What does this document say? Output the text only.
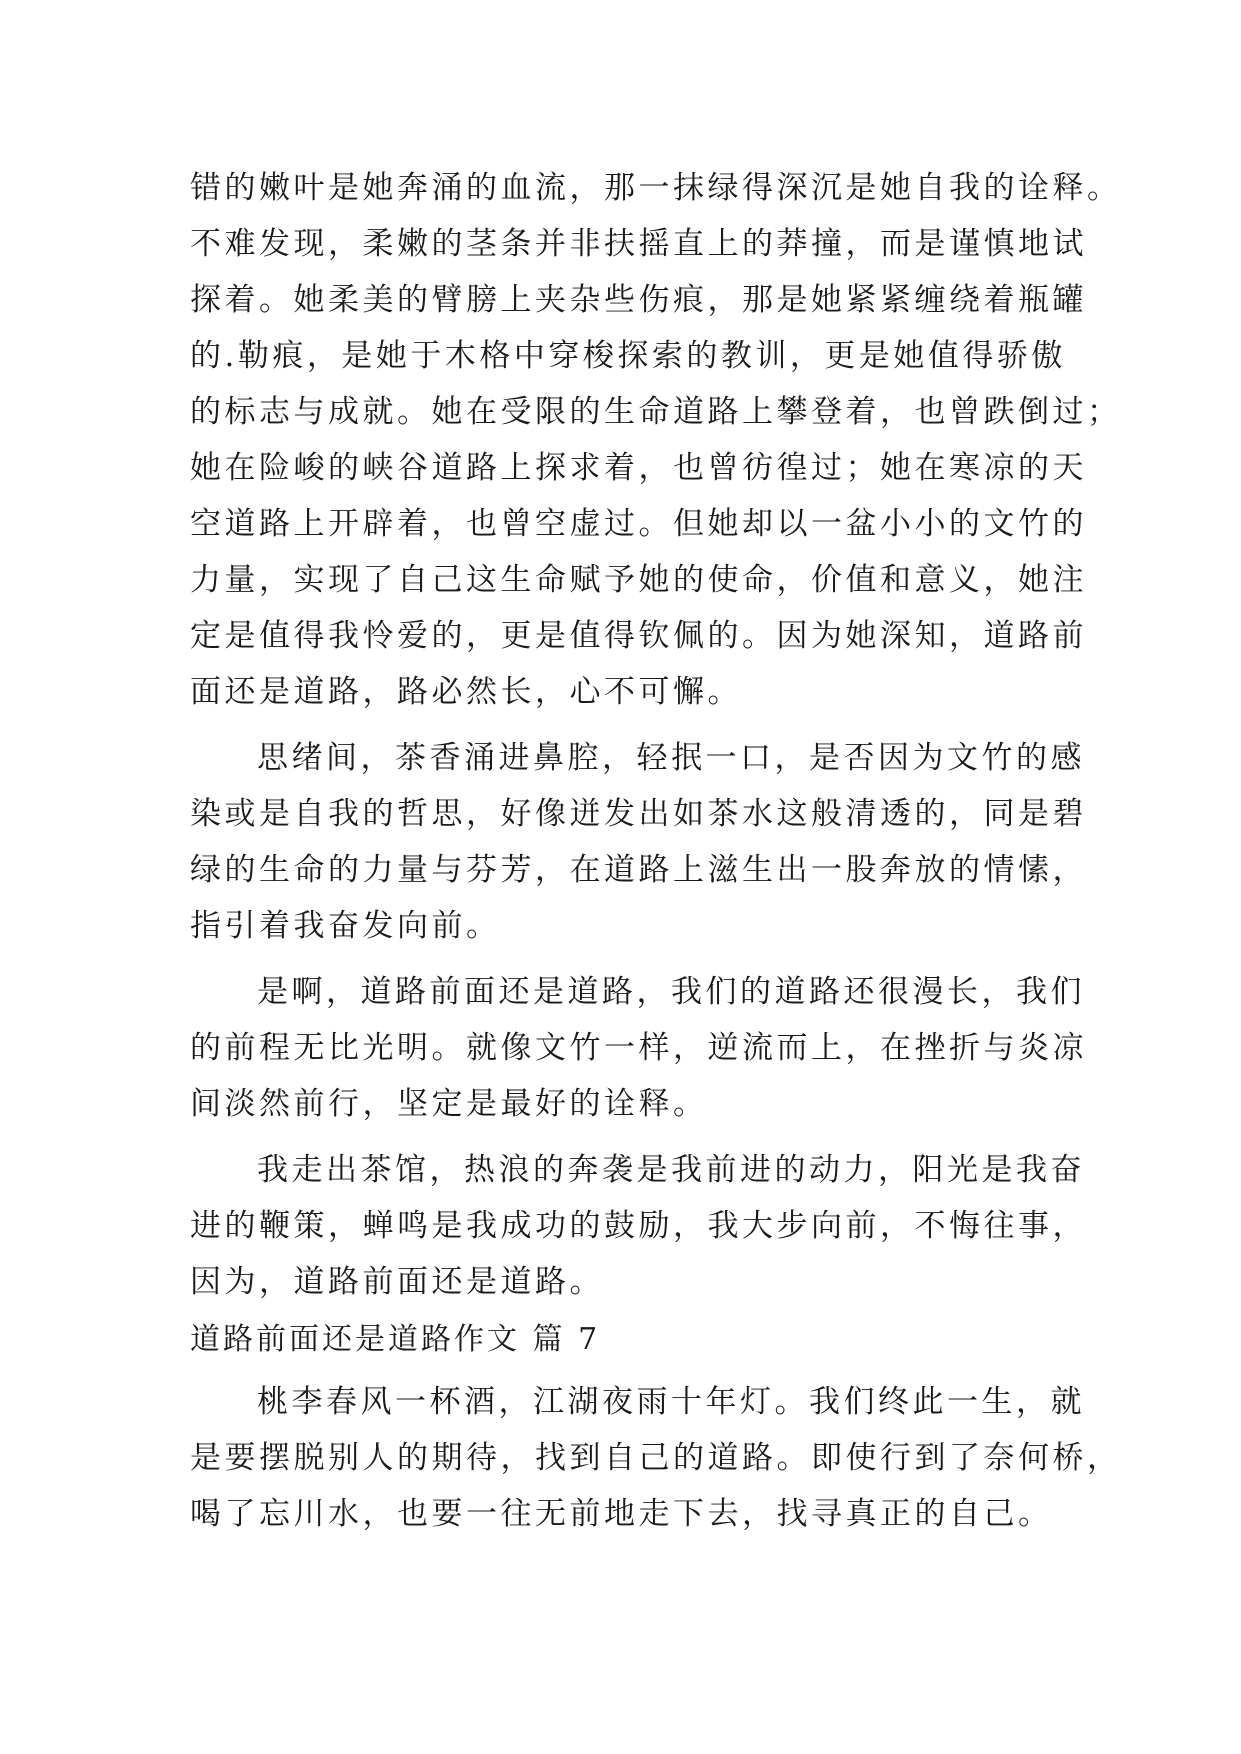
错的嫩叶是她奔涌的血流，那一抹绿得深沉是她自我的诠释。
不难发现，柔嫩的茎条并非扶摇直上的莽撞，而是谨慎地试
探着。她柔美的臂膀上夹杂些伤痕，那是她紧紧缠绕着瓶罐
的.勒痕，是她于木格中穿梭探索的教训，更是她值得骄傲
的标志与成就。她在受限的生命道路上攀登着，也曾跌倒过；
她在险峻的峡谷道路上探求着，也曾彷徨过；她在寒凉的天
空道路上开辟着，也曾空虚过。但她却以一盆小小的文竹的
力量，实现了自己这生命赋予她的使命，价值和意义，她注
定是值得我怜爱的，更是值得钦佩的。因为她深知，道路前
面还是道路，路必然长，心不可懈。
思绪间，茶香涌进鼻腔，轻抿一口，是否因为文竹的感
染或是自我的哲思，好像迸发出如茶水这般清透的，同是碧
绿的生命的力量与芬芳，在道路上滋生出一股奔放的情愫，
指引着我奋发向前。
是啊，道路前面还是道路，我们的道路还很漫长，我们
的前程无比光明。就像文竹一样，逆流而上，在挫折与炎凉
间淡然前行，坚定是最好的诠释。
我走出茶馆，热浪的奔袭是我前进的动力，阳光是我奋
进的鞭策，蝉鸣是我成功的鼓励，我大步向前，不悔往事，
因为，道路前面还是道路。
道路前面还是道路作文 篇 7
桃李春风一杯酒，江湖夜雨十年灯。我们终此一生，就
是要摆脱别人的期待，找到自己的道路。即使行到了奈何桥，
喝了忘川水，也要一往无前地走下去，找寻真正的自己。
